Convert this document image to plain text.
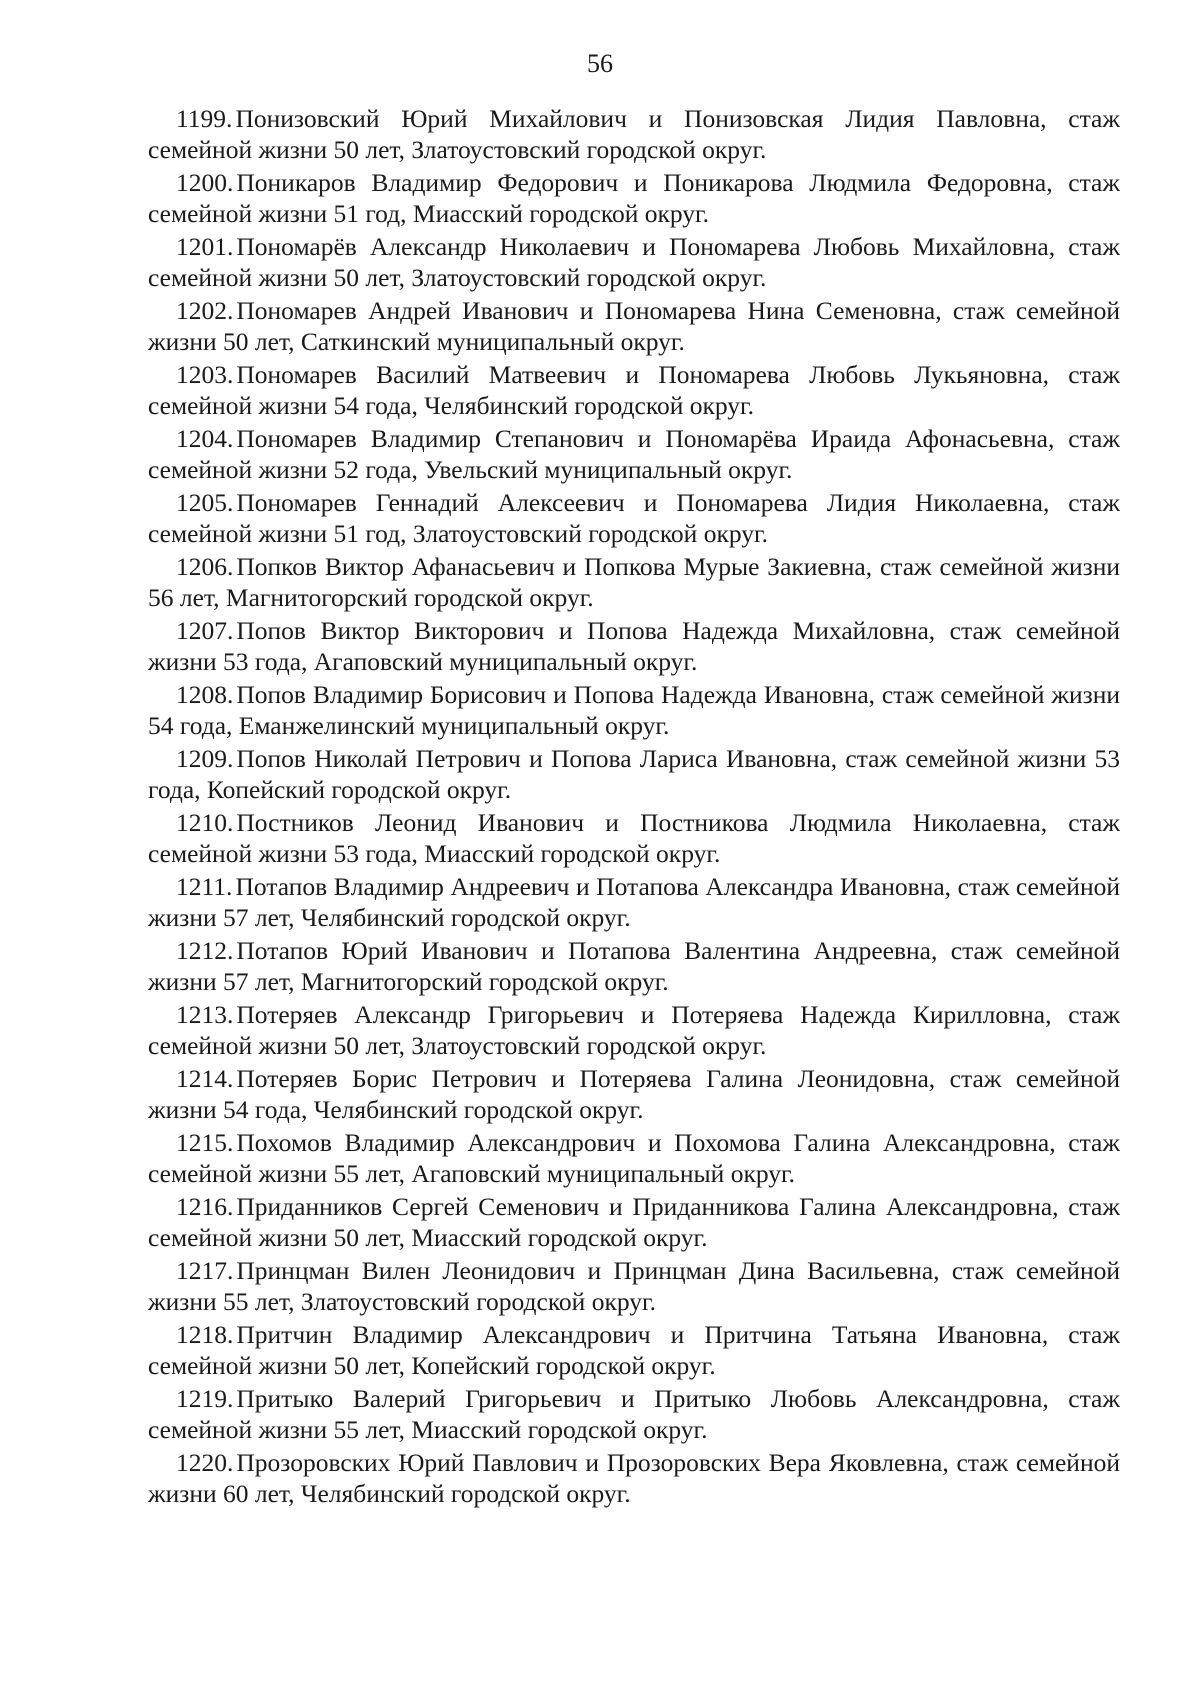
56
1199. Понизовский Юрий Михайлович и Понизовская Лидия Павловна, стаж семейной жизни 50 лет, Златоустовский городской округ.
1200. Поникаров Владимир Федорович и Поникарова Людмила Федоровна, стаж семейной жизни 51 год, Миасский городской округ.
1201. Пономарёв Александр Николаевич и Пономарева Любовь Михайловна, стаж семейной жизни 50 лет, Златоустовский городской округ.
1202. Пономарев Андрей Иванович и Пономарева Нина Семеновна, стаж семейной жизни 50 лет, Саткинский муниципальный округ.
1203. Пономарев Василий Матвеевич и Пономарева Любовь Лукьяновна, стаж семейной жизни 54 года, Челябинский городской округ.
1204. Пономарев Владимир Степанович и Пономарёва Ираида Афонасьевна, стаж семейной жизни 52 года, Увельский муниципальный округ.
1205. Пономарев Геннадий Алексеевич и Пономарева Лидия Николаевна, стаж семейной жизни 51 год, Златоустовский городской округ.
1206. Попков Виктор Афанасьевич и Попкова Мурые Закиевна, стаж семейной жизни 56 лет, Магнитогорский городской округ.
1207. Попов Виктор Викторович и Попова Надежда Михайловна, стаж семейной жизни 53 года, Агаповский муниципальный округ.
1208. Попов Владимир Борисович и Попова Надежда Ивановна, стаж семейной жизни 54 года, Еманжелинский муниципальный округ.
1209. Попов Николай Петрович и Попова Лариса Ивановна, стаж семейной жизни 53 года, Копейский городской округ.
1210. Постников Леонид Иванович и Постникова Людмила Николаевна, стаж семейной жизни 53 года, Миасский городской округ.
1211. Потапов Владимир Андреевич и Потапова Александра Ивановна, стаж семейной жизни 57 лет, Челябинский городской округ.
1212. Потапов Юрий Иванович и Потапова Валентина Андреевна, стаж семейной жизни 57 лет, Магнитогорский городской округ.
1213. Потеряев Александр Григорьевич и Потеряева Надежда Кирилловна, стаж семейной жизни 50 лет, Златоустовский городской округ.
1214. Потеряев Борис Петрович и Потеряева Галина Леонидовна, стаж семейной жизни 54 года, Челябинский городской округ.
1215. Похомов Владимир Александрович и Похомова Галина Александровна, стаж семейной жизни 55 лет, Агаповский муниципальный округ.
1216. Приданников Сергей Семенович и Приданникова Галина Александровна, стаж семейной жизни 50 лет, Миасский городской округ.
1217. Принцман Вилен Леонидович и Принцман Дина Васильевна, стаж семейной жизни 55 лет, Златоустовский городской округ.
1218. Притчин Владимир Александрович и Притчина Татьяна Ивановна, стаж семейной жизни 50 лет, Копейский городской округ.
1219. Притыко Валерий Григорьевич и Притыко Любовь Александровна, стаж семейной жизни 55 лет, Миасский городской округ.
1220. Прозоровских Юрий Павлович и Прозоровских Вера Яковлевна, стаж семейной жизни 60 лет, Челябинский городской округ.
